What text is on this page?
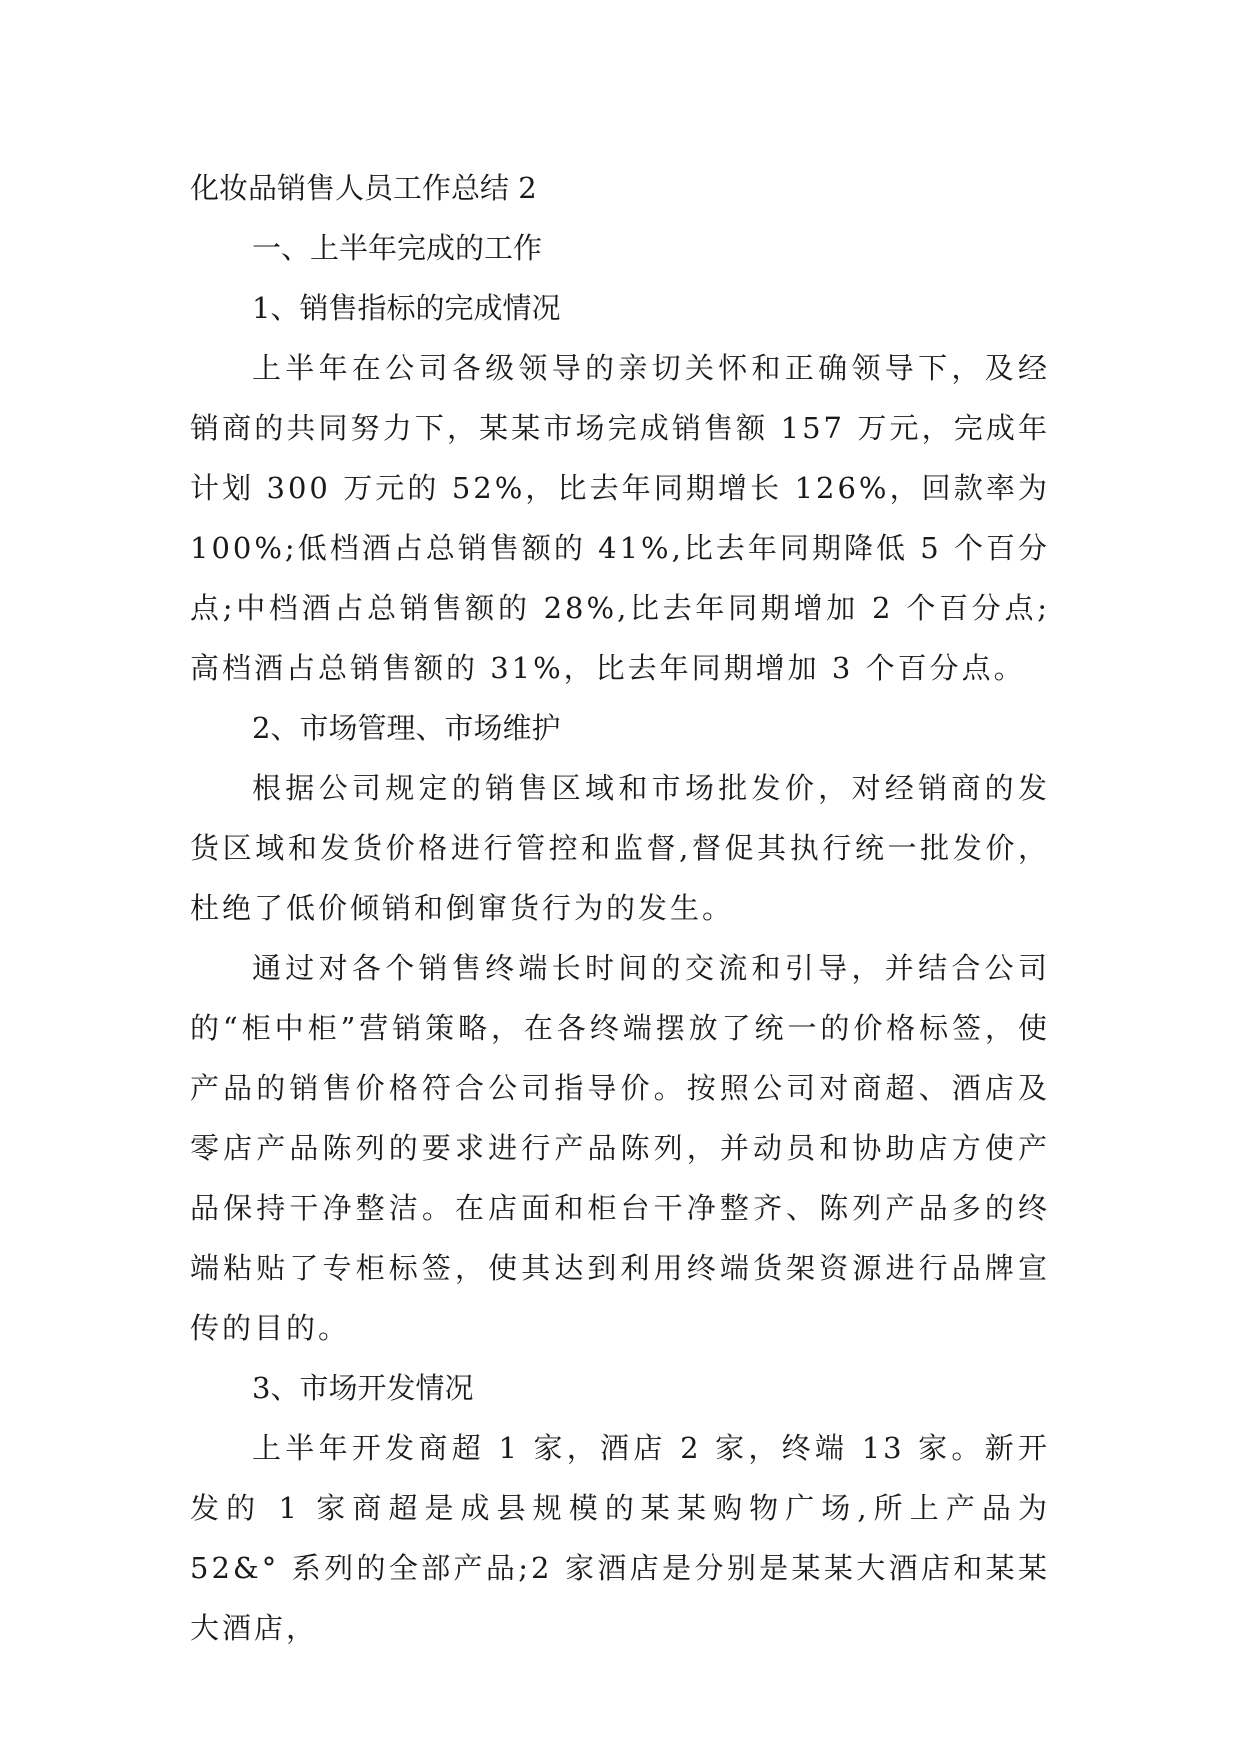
化妆品销售人员工作总结 2

一、上半年完成的工作

1、销售指标的完成情况

上半年在公司各级领导的亲切关怀和正确领导下，及经销商的共同努力下，某某市场完成销售额 157 万元，完成年计划 300 万元的 52%，比去年同期增长 126%，回款率为 100%;低档酒占总销售额的 41%,比去年同期降低 5 个百分点;中档酒占总销售额的 28%,比去年同期增加 2 个百分点;高档酒占总销售额的 31%，比去年同期增加 3 个百分点。

2、市场管理、市场维护

根据公司规定的销售区域和市场批发价，对经销商的发货区域和发货价格进行管控和监督,督促其执行统一批发价，杜绝了低价倾销和倒窜货行为的发生。

通过对各个销售终端长时间的交流和引导，并结合公司的“柜中柜”营销策略，在各终端摆放了统一的价格标签，使产品的销售价格符合公司指导价。按照公司对商超、酒店及零店产品陈列的要求进行产品陈列，并动员和协助店方使产品保持干净整洁。在店面和柜台干净整齐、陈列产品多的终端粘贴了专柜标签，使其达到利用终端货架资源进行品牌宣传的目的。

3、市场开发情况

上半年开发商超 1 家，酒店 2 家，终端 13 家。新开发的 1 家商超是成县规模的某某购物广场,所上产品为 52&° 系列的全部产品;2 家酒店是分别是某某大酒店和某某大酒店，
